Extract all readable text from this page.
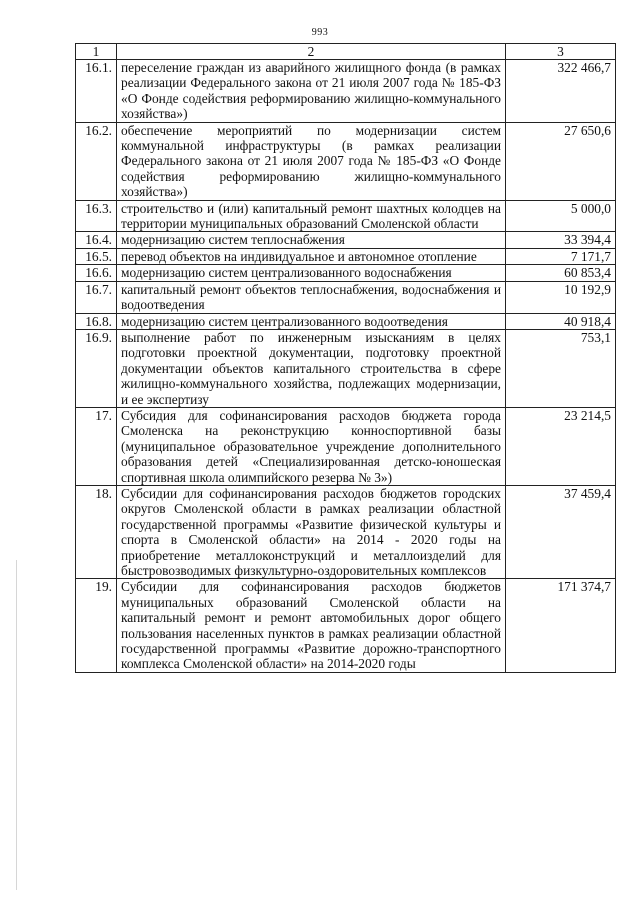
993
1	2	3
16.1.	переселение граждан из аварийного жилищного фонда (в рамках реализации Федерального закона от 21 июля 2007 года № 185-ФЗ «О Фонде содействия реформированию жилищно-коммунального хозяйства»)	322 466,7
16.2.	обеспечение мероприятий по модернизации систем коммунальной инфраструктуры (в рамках реализации Федерального закона от 21 июля 2007 года № 185-ФЗ «О Фонде содействия реформированию жилищно-коммунального хозяйства»)	27 650,6
16.3.	строительство и (или) капитальный ремонт шахтных колодцев на территории муниципальных образований Смоленской области	5 000,0
16.4.	модернизацию систем теплоснабжения	33 394,4
16.5.	перевод объектов на индивидуальное и автономное отопление	7 171,7
16.6.	модернизацию систем централизованного водоснабжения	60 853,4
16.7.	капитальный ремонт объектов теплоснабжения, водоснабжения и водоотведения	10 192,9
16.8.	модернизацию систем централизованного водоотведения	40 918,4
16.9.	выполнение работ по инженерным изысканиям в целях подготовки проектной документации, подготовку проектной документации объектов капитального строительства в сфере жилищно-коммунального хозяйства, подлежащих модернизации, и ее экспертизу	753,1
17.	Субсидия для софинансирования расходов бюджета города Смоленска на реконструкцию конноспортивной базы (муниципальное образовательное учреждение дополнительного образования детей «Специализированная детско-юношеская спортивная школа олимпийского резерва № 3»)	23 214,5
18.	Субсидии для софинансирования расходов бюджетов городских округов Смоленской области в рамках реализации областной государственной программы «Развитие физической культуры и спорта в Смоленской области» на 2014 - 2020 годы на приобретение металлоконструкций и металлоизделий для быстровозводимых физкультурно-оздоровительных комплексов	37 459,4
19.	Субсидии для софинансирования расходов бюджетов муниципальных образований Смоленской области на капитальный ремонт и ремонт автомобильных дорог общего пользования населенных пунктов в рамках реализации областной государственной программы «Развитие дорожно-транспортного комплекса Смоленской области» на 2014-2020 годы	171 374,7
